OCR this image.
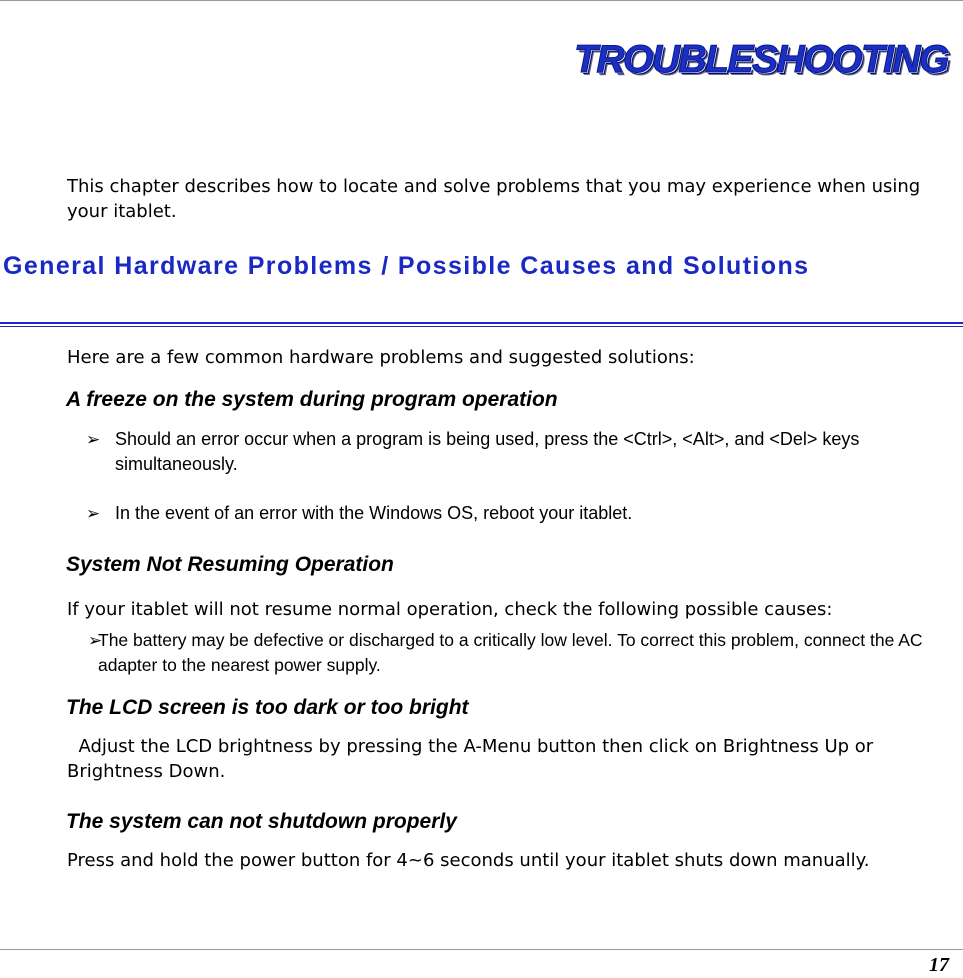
TROUBLESHOOTING
This chapter describes how to locate and solve problems that you may experience when using your itablet.
General Hardware Problems / Possible Causes and Solutions
Here are a few common hardware problems and suggested solutions:
A freeze on the system during program operation
➢ Should an error occur when a program is being used, press the <Ctrl>, <Alt>, and <Del> keys simultaneously.
➢ In the event of an error with the Windows OS, reboot your itablet.
System Not Resuming Operation
If your itablet will not resume normal operation, check the following possible causes:
➢
The battery may be defective or discharged to a critically low level. To correct this problem, connect the AC adapter to the nearest power supply.
The LCD screen is too dark or too bright
Adjust the LCD brightness by pressing the A-Menu button then click on Brightness Up or Brightness Down.
The system can not shutdown properly
Press and hold the power button for 4~6 seconds until your itablet shuts down manually.
17
